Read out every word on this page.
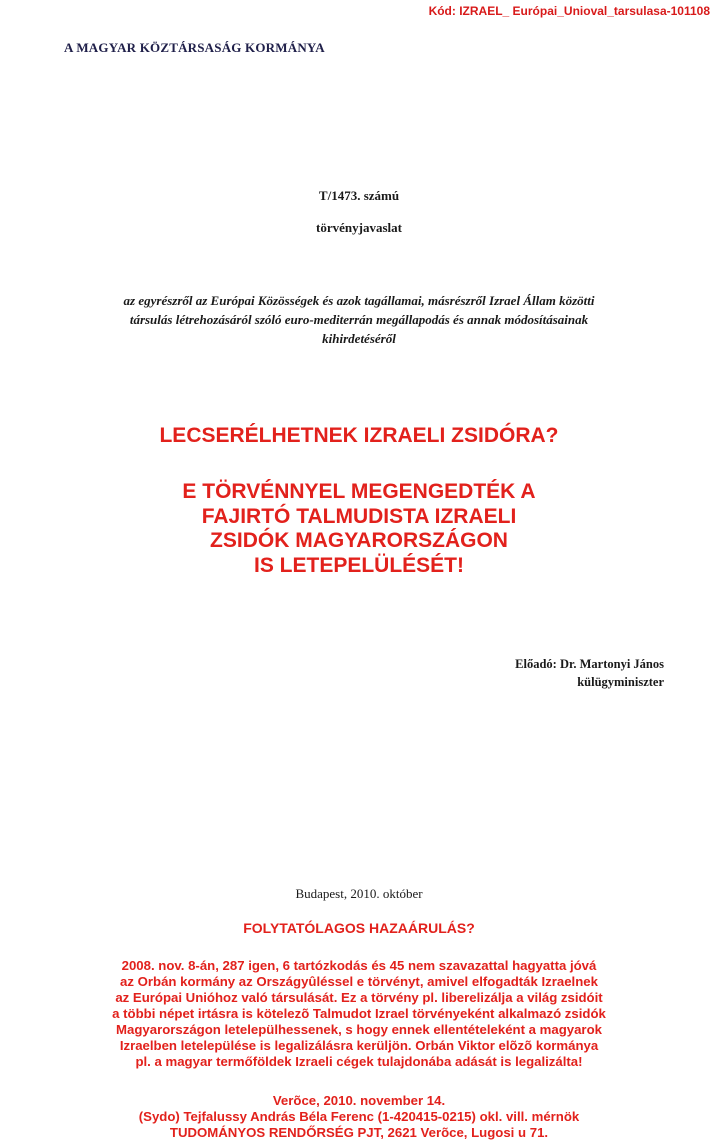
Kód: IZRAEL_ Európai_Unioval_tarsulasa-101108
A MAGYAR KÖZTÁRSASÁG KORMÁNYA
T/1473. számú
törvényjavaslat
az egyrészről az Európai Közösségek és azok tagállamai, másrészről Izrael Állam közötti
társulás létrehozásáról szóló euro-mediterrán megállapodás és annak módosításainak
kihirdetéséről
LECSERÉLHETNEK IZRAELI ZSIDÓRA?
E TÖRVÉNNYEL MEGENGEDTÉK A
FAJIRTÓ TALMUDISTA IZRAELI
ZSIDÓK MAGYARORSZÁGON
IS LETEPELÜLÉSÉT!
Előadó: Dr. Martonyi János
külügyminiszter
Budapest, 2010. október
FOLYTATÓLAGOS HAZAÁRULÁS?
2008. nov. 8-án, 287 igen, 6 tartózkodás és 45 nem szavazattal hagyatta jóvá
az Orbán kormány az Országyûléssel e törvényt, amivel elfogadták Izraelnek
az Európai Unióhoz való társulását. Ez a törvény pl. liberelizálja a világ zsidóit
a többi népet irtásra is kötelezõ Talmudot Izrael törvényeként alkalmazó zsidók
Magyarországon letelepülhessenek, s hogy ennek ellentételeként a magyarok
Izraelben letelepülése is legalizálásra kerüljön. Orbán Viktor elõzõ kormánya
pl. a magyar termőföldek Izraeli cégek tulajdonába adását is legalizálta!
Verõce, 2010. november 14.
(Sydo) Tejfalussy András Béla Ferenc (1-420415-0215) okl. vill. mérnök
TUDOMÁNYOS RENDŐRSÉG PJT, 2621 Verõce, Lugosi u 71.
